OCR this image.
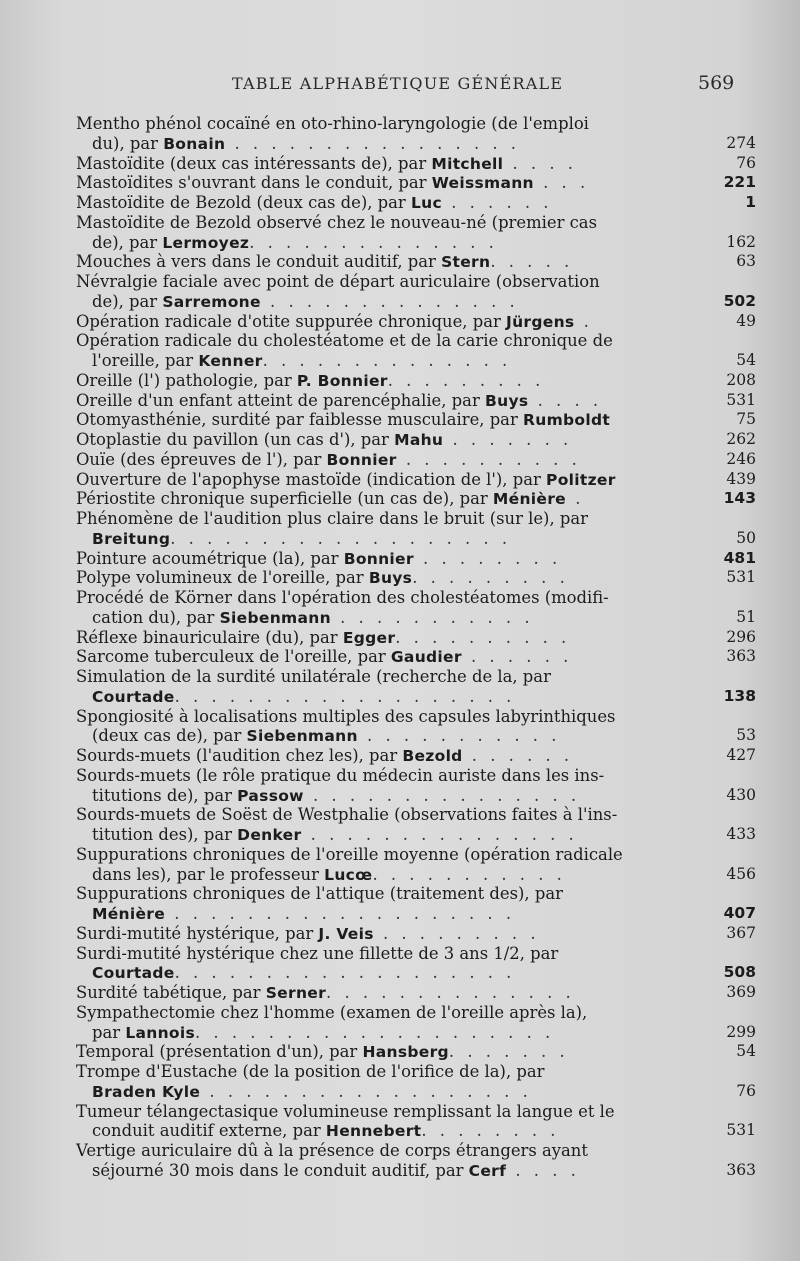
TABLE ALPHABÉTIQUE GÉNÉRALE	569
Mentho phénol cocaïné en oto-rhino-laryngologie (de l'emploi
du), par Bonain . . . . . . . . . . . . . . . .	274
Mastoïdite (deux cas intéressants de), par Mitchell . . . .	76
Mastoïdites s'ouvrant dans le conduit, par Weissmann . . .	221
Mastoïdite de Bezold (deux cas de), par Luc . . . . . .	1
Mastoïdite de Bezold observé chez le nouveau-né (premier cas
de), par Lermoyez. . . . . . . . . . . . . .	162
Mouches à vers dans le conduit auditif, par Stern. . . . .	63
Névralgie faciale avec point de départ auriculaire (observation
de), par Sarremone . . . . . . . . . . . . . .	502
Opération radicale d'otite suppurée chronique, par Jürgens .	49
Opération radicale du cholestéatome et de la carie chronique de
l'oreille, par Kenner. . . . . . . . . . . . . .	54
Oreille (l') pathologie, par P. Bonnier. . . . . . . . .	208
Oreille d'un enfant atteint de parencéphalie, par Buys . . . .	531
Otomyasthénie, surdité par faiblesse musculaire, par Rumboldt	75
Otoplastie du pavillon (un cas d'), par Mahu . . . . . . .	262
Ouïe (des épreuves de l'), par Bonnier . . . . . . . . . .	246
Ouverture de l'apophyse mastoïde (indication de l'), par Politzer	439
Périostite chronique superficielle (un cas de), par Ménière .	143
Phénomène de l'audition plus claire dans le bruit (sur le), par
Breitung. . . . . . . . . . . . . . . . . . .	50
Pointure acoumétrique (la), par Bonnier . . . . . . . .	481
Polype volumineux de l'oreille, par Buys. . . . . . . . .	531
Procédé de Körner dans l'opération des cholestéatomes (modifi-
cation du), par Siebenmann . . . . . . . . . . .	51
Réflexe binauriculaire (du), par Egger. . . . . . . . . .	296
Sarcome tuberculeux de l'oreille, par Gaudier . . . . . .	363
Simulation de la surdité unilatérale (recherche de la, par
Courtade. . . . . . . . . . . . . . . . . . .	138
Spongiosité à localisations multiples des capsules labyrinthiques
(deux cas de), par Siebenmann . . . . . . . . . . .	53
Sourds-muets (l'audition chez les), par Bezold . . . . . .	427
Sourds-muets (le rôle pratique du médecin auriste dans les ins-
titutions de), par Passow . . . . . . . . . . . . . . .	430
Sourds-muets de Soëst de Westphalie (observations faites à l'ins-
titution des), par Denker . . . . . . . . . . . . . . .	433
Suppurations chroniques de l'oreille moyenne (opération radicale
dans les), par le professeur Lucœ. . . . . . . . . . .	456
Suppurations chroniques de l'attique (traitement des), par
Ménière . . . . . . . . . . . . . . . . . . .	407
Surdi-mutité hystérique, par J. Veis . . . . . . . . .	367
Surdi-mutité hystérique chez une fillette de 3 ans 1/2, par
Courtade. . . . . . . . . . . . . . . . . . .	508
Surdité tabétique, par Serner. . . . . . . . . . . . . .	369
Sympathectomie chez l'homme (examen de l'oreille après la),
par Lannois. . . . . . . . . . . . . . . . . . . .	299
Temporal (présentation d'un), par Hansberg. . . . . . .	54
Trompe d'Eustache (de la position de l'orifice de la), par
Braden Kyle . . . . . . . . . . . . . . . . . .	76
Tumeur télangectasique volumineuse remplissant la langue et le
conduit auditif externe, par Hennebert. . . . . . . .	531
Vertige auriculaire dû à la présence de corps étrangers ayant
séjourné 30 mois dans le conduit auditif, par Cerf . . . .	363
